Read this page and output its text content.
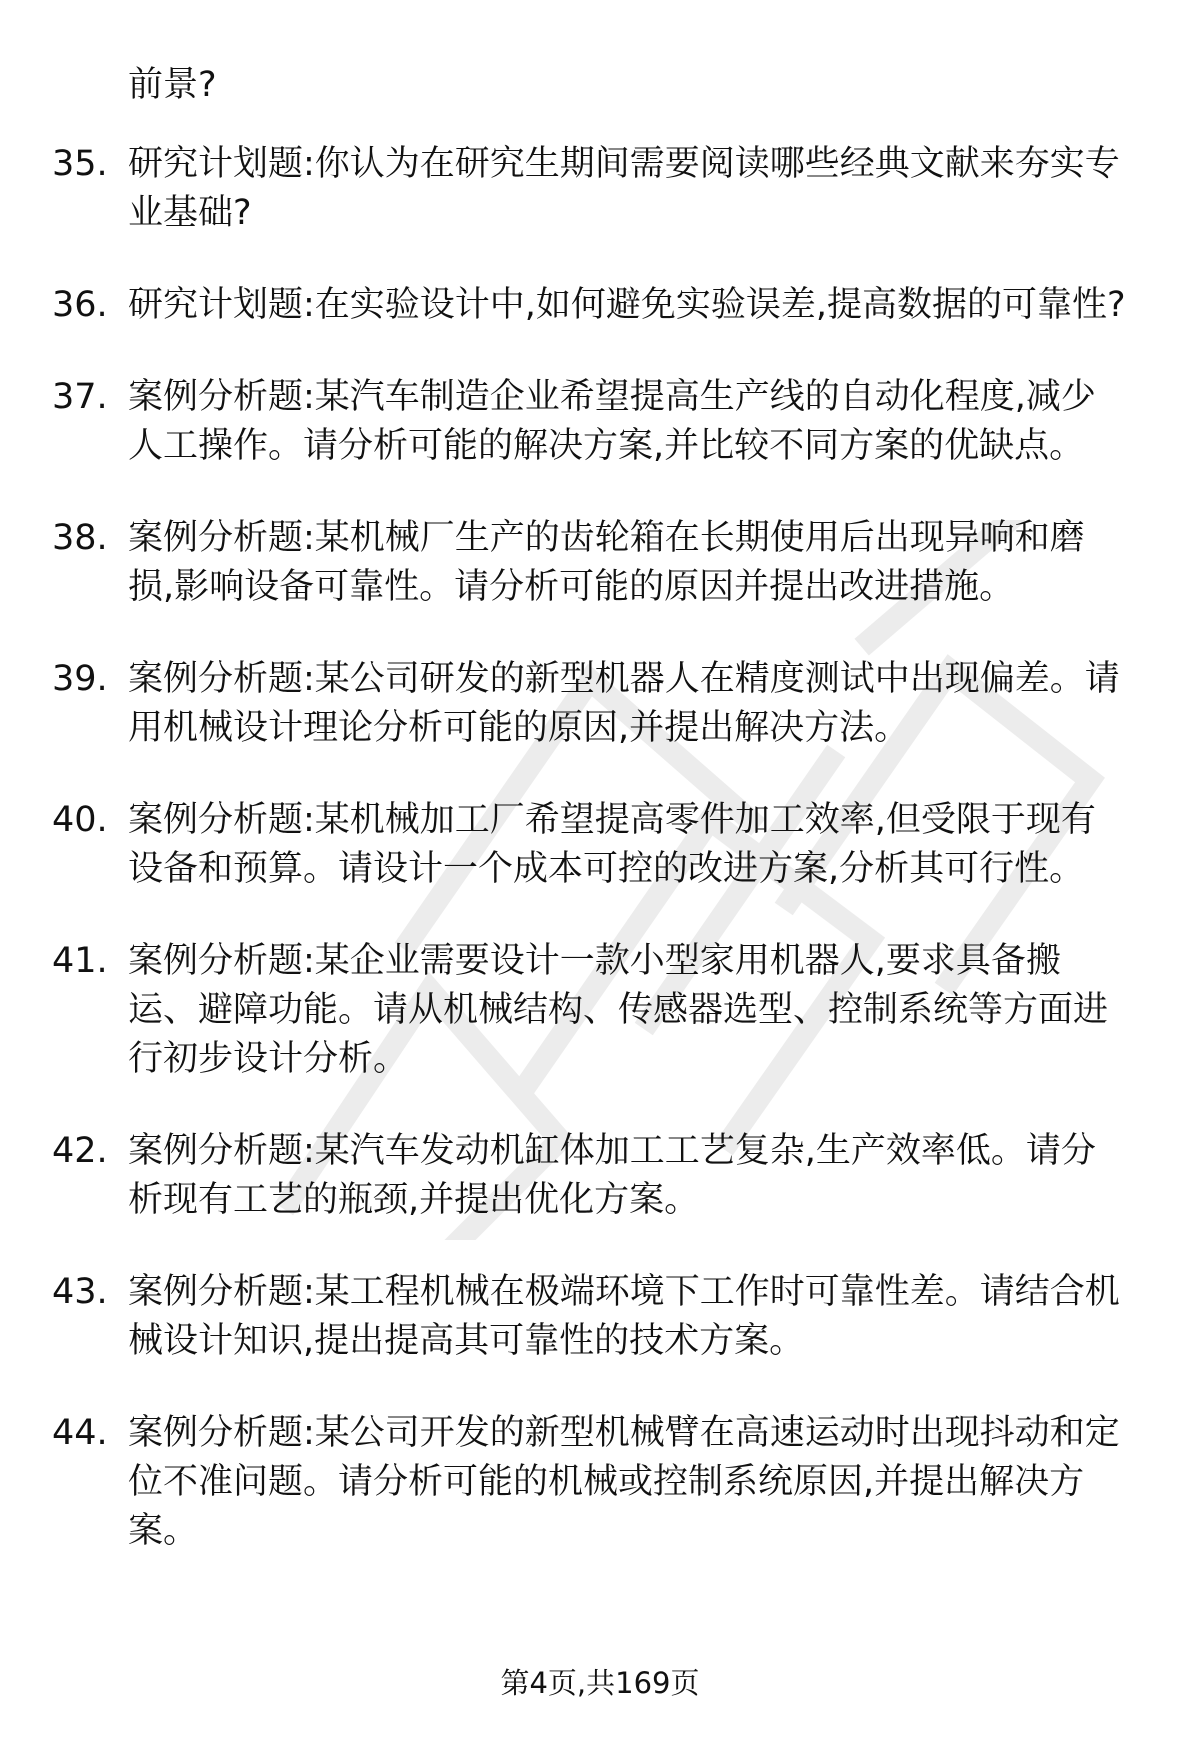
前景?
35. 研究计划题:你认为在研究生期间需要阅读哪些经典文献来夯实专业基础?
36. 研究计划题:在实验设计中,如何避免实验误差,提高数据的可靠性?
37. 案例分析题:某汽车制造企业希望提高生产线的自动化程度,减少人工操作。请分析可能的解决方案,并比较不同方案的优缺点。
38. 案例分析题:某机械厂生产的齿轮箱在长期使用后出现异响和磨损,影响设备可靠性。请分析可能的原因并提出改进措施。
39. 案例分析题:某公司研发的新型机器人在精度测试中出现偏差。请用机械设计理论分析可能的原因,并提出解决方法。
40. 案例分析题:某机械加工厂希望提高零件加工效率,但受限于现有设备和预算。请设计一个成本可控的改进方案,分析其可行性。
41. 案例分析题:某企业需要设计一款小型家用机器人,要求具备搬运、避障功能。请从机械结构、传感器选型、控制系统等方面进行初步设计分析。
42. 案例分析题:某汽车发动机缸体加工工艺复杂,生产效率低。请分析现有工艺的瓶颈,并提出优化方案。
43. 案例分析题:某工程机械在极端环境下工作时可靠性差。请结合机械设计知识,提出提高其可靠性的技术方案。
44. 案例分析题:某公司开发的新型机械臂在高速运动时出现抖动和定位不准问题。请分析可能的机械或控制系统原因,并提出解决方案。
第4页,共169页
